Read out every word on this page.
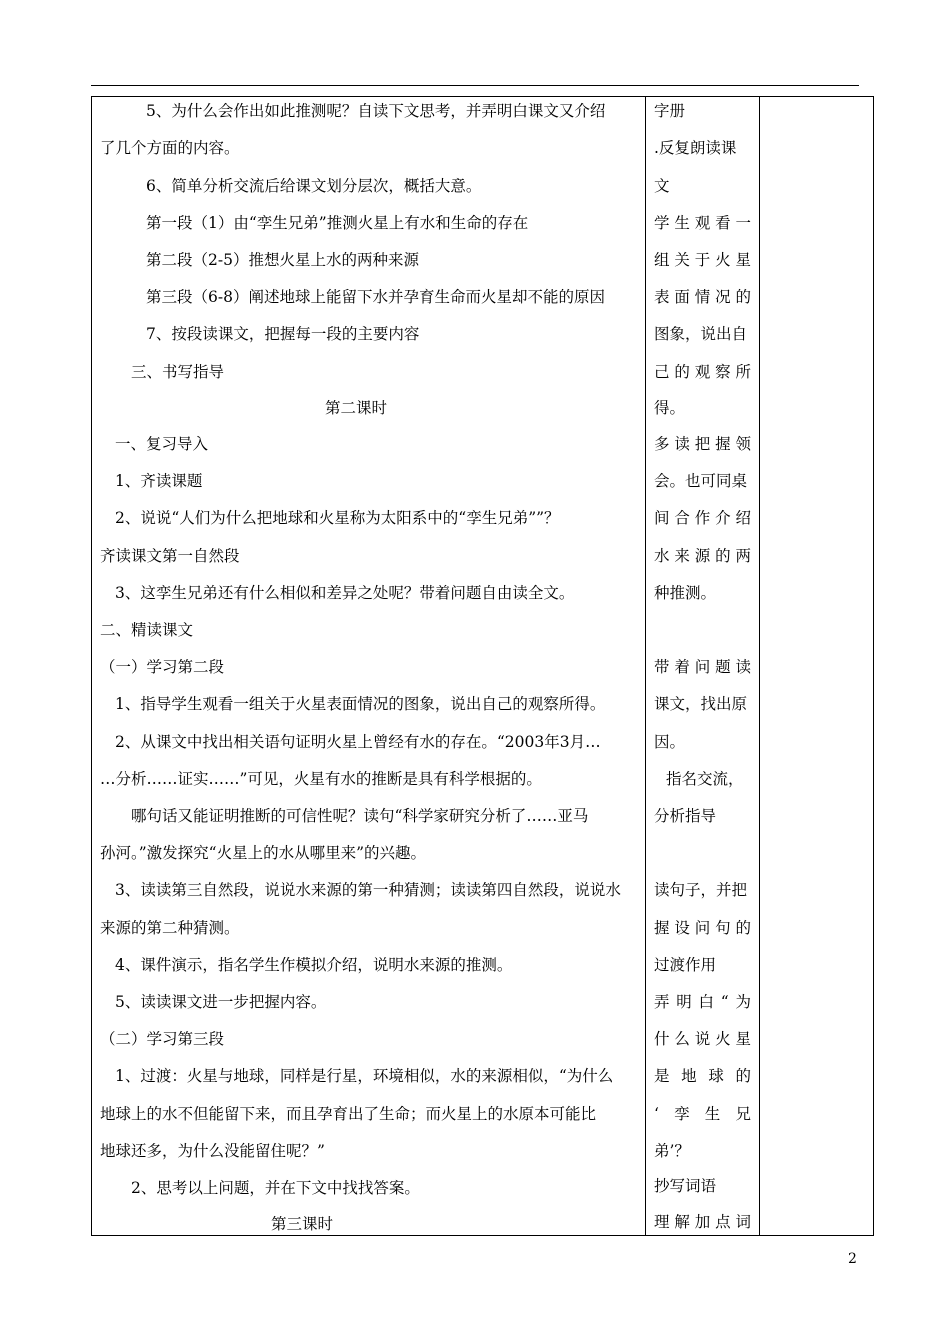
5、为什么会作出如此推测呢？自读下文思考，并弄明白课文又介绍
了几个方面的内容。
6、简单分析交流后给课文划分层次，概括大意。
第一段（1）由“孪生兄弟”推测火星上有水和生命的存在
第二段（2-5）推想火星上水的两种来源
第三段（6-8）阐述地球上能留下水并孕育生命而火星却不能的原因
7、按段读课文，把握每一段的主要内容
三、书写指导
第二课时
一、复习导入
1、齐读课题
2、说说“人们为什么把地球和火星称为太阳系中的“孪生兄弟””？
齐读课文第一自然段
3、这孪生兄弟还有什么相似和差异之处呢？带着问题自由读全文。
二、精读课文
（一）学习第二段
1、指导学生观看一组关于火星表面情况的图象，说出自己的观察所得。
2、从课文中找出相关语句证明火星上曾经有水的存在。“2003年3月…
…分析……证实……”可见，火星有水的推断是具有科学根据的。
哪句话又能证明推断的可信性呢？读句“科学家研究分析了……亚马
孙河。”激发探究“火星上的水从哪里来”的兴趣。
3、读读第三自然段，说说水来源的第一种猜测；读读第四自然段，说说水
来源的第二种猜测。
4、课件演示，指名学生作模拟介绍，说明水来源的推测。
5、读读课文进一步把握内容。
（二）学习第三段
1、过渡：火星与地球，同样是行星，环境相似，水的来源相似，“为什么
地球上的水不但能留下来，而且孕育出了生命；而火星上的水原本可能比
地球还多，为什么没能留住呢？”
2、思考以上问题，并在下文中找找答案。
第三课时
字册
.反复朗读课
文
学生观看一
组关于火星
表面情况的
图象，说出自
己的观察所
得。
多读把握领
会。也可同桌
间合作介绍
水来源的两
种推测。
带着问题读
课文，找出原
因。
指名交流，
分析指导
读句子，并把
握设问句的
过渡作用
弄明白“为
什么说火星
是地球的
‘孪生兄
弟’？
抄写词语
理解加点词
2
